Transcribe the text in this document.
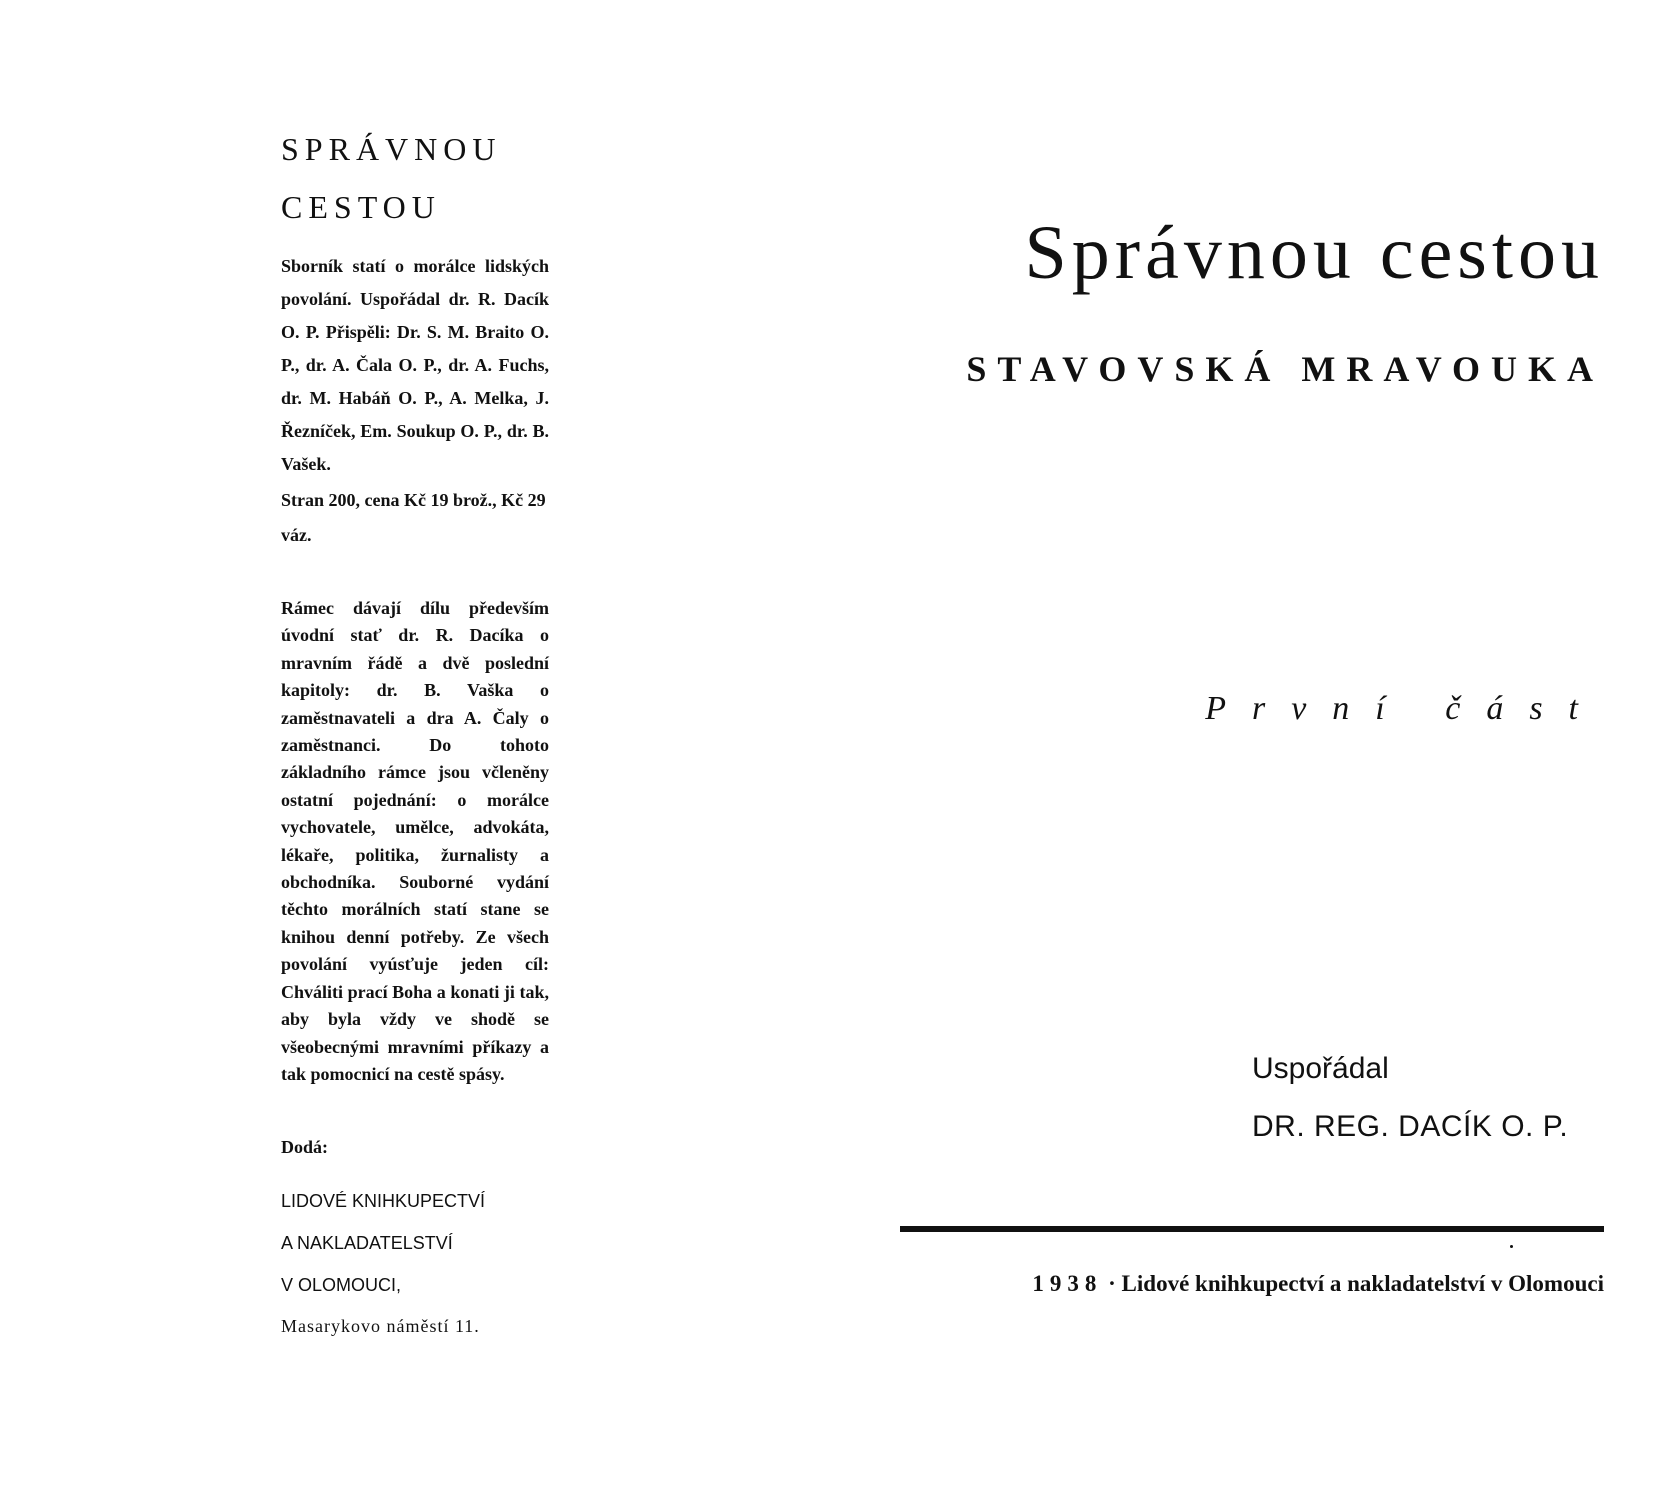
SPRÁVNOU
CESTOU

Sborník statí o morálce lidských povolání. Uspořádal dr. R. Dacík O. P. Přispěli: Dr. S. M. Braito O. P., dr. A. Čala O. P., dr. A. Fuchs, dr. M. Habáň O. P., A. Melka, J. Řezníček, Em. Soukup O. P., dr. B. Vašek.

Stran 200, cena Kč 19 brož., Kč 29 váz.

Rámec dávají dílu především úvodní stať dr. R. Dacíka o mravním řádě a dvě poslední kapitoly: dr. B. Vaška o zaměstnavateli a dra A. Čaly o zaměstnanci. Do tohoto základního rámce jsou včleněny ostatní pojednání: o morálce vychovatele, umělce, advokáta, lékaře, politika, žurnalisty a obchodníka. Souborné vydání těchto morálních statí stane se knihou denní potřeby. Ze všech povolání vyúsťuje jeden cíl: Chváliti prací Boha a konati ji tak, aby byla vždy ve shodě se všeobecnými mravními příkazy a tak pomocnicí na cestě spásy.

Dodá:

LIDOVÉ KNIHKUPECTVÍ

A NAKLADATELSTVÍ

V OLOMOUCI,

Masarykovo náměstí 11.

Správnou cestou
STAVOVSKÁ MRAVOUKA

První část

Uspořádal

DR. REG. DACÍK O. P.

1938 · Lidové knihkupectví a nakladatelství v Olomouci
